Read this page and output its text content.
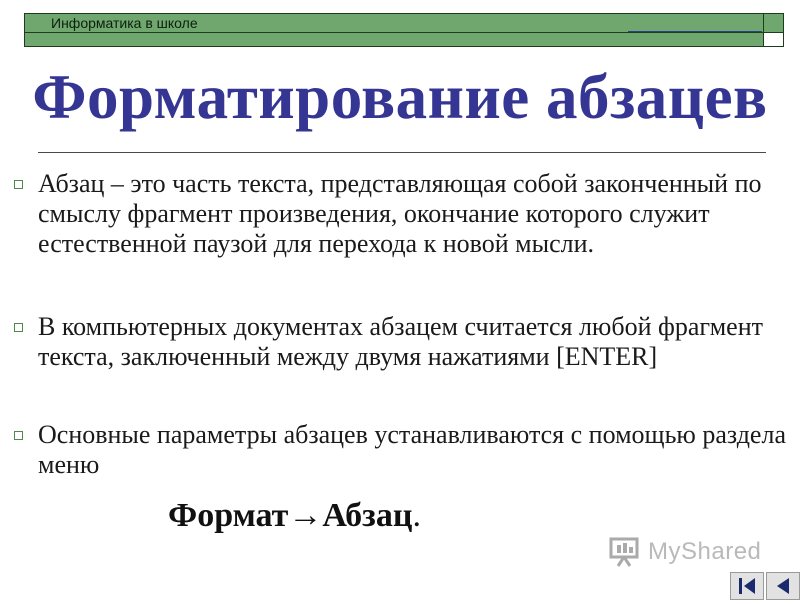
Информатика в школе
Форматирование абзацев
Абзац – это часть текста, представляющая собой законченный по смыслу фрагмент произведения, окончание которого служит естественной паузой для перехода к новой мысли.
В компьютерных документах абзацем считается любой фрагмент текста, заключенный между двумя нажатиями [ENTER]
Основные параметры абзацев устанавливаются с помощью раздела меню
Формат→Абзац.
MyShared
